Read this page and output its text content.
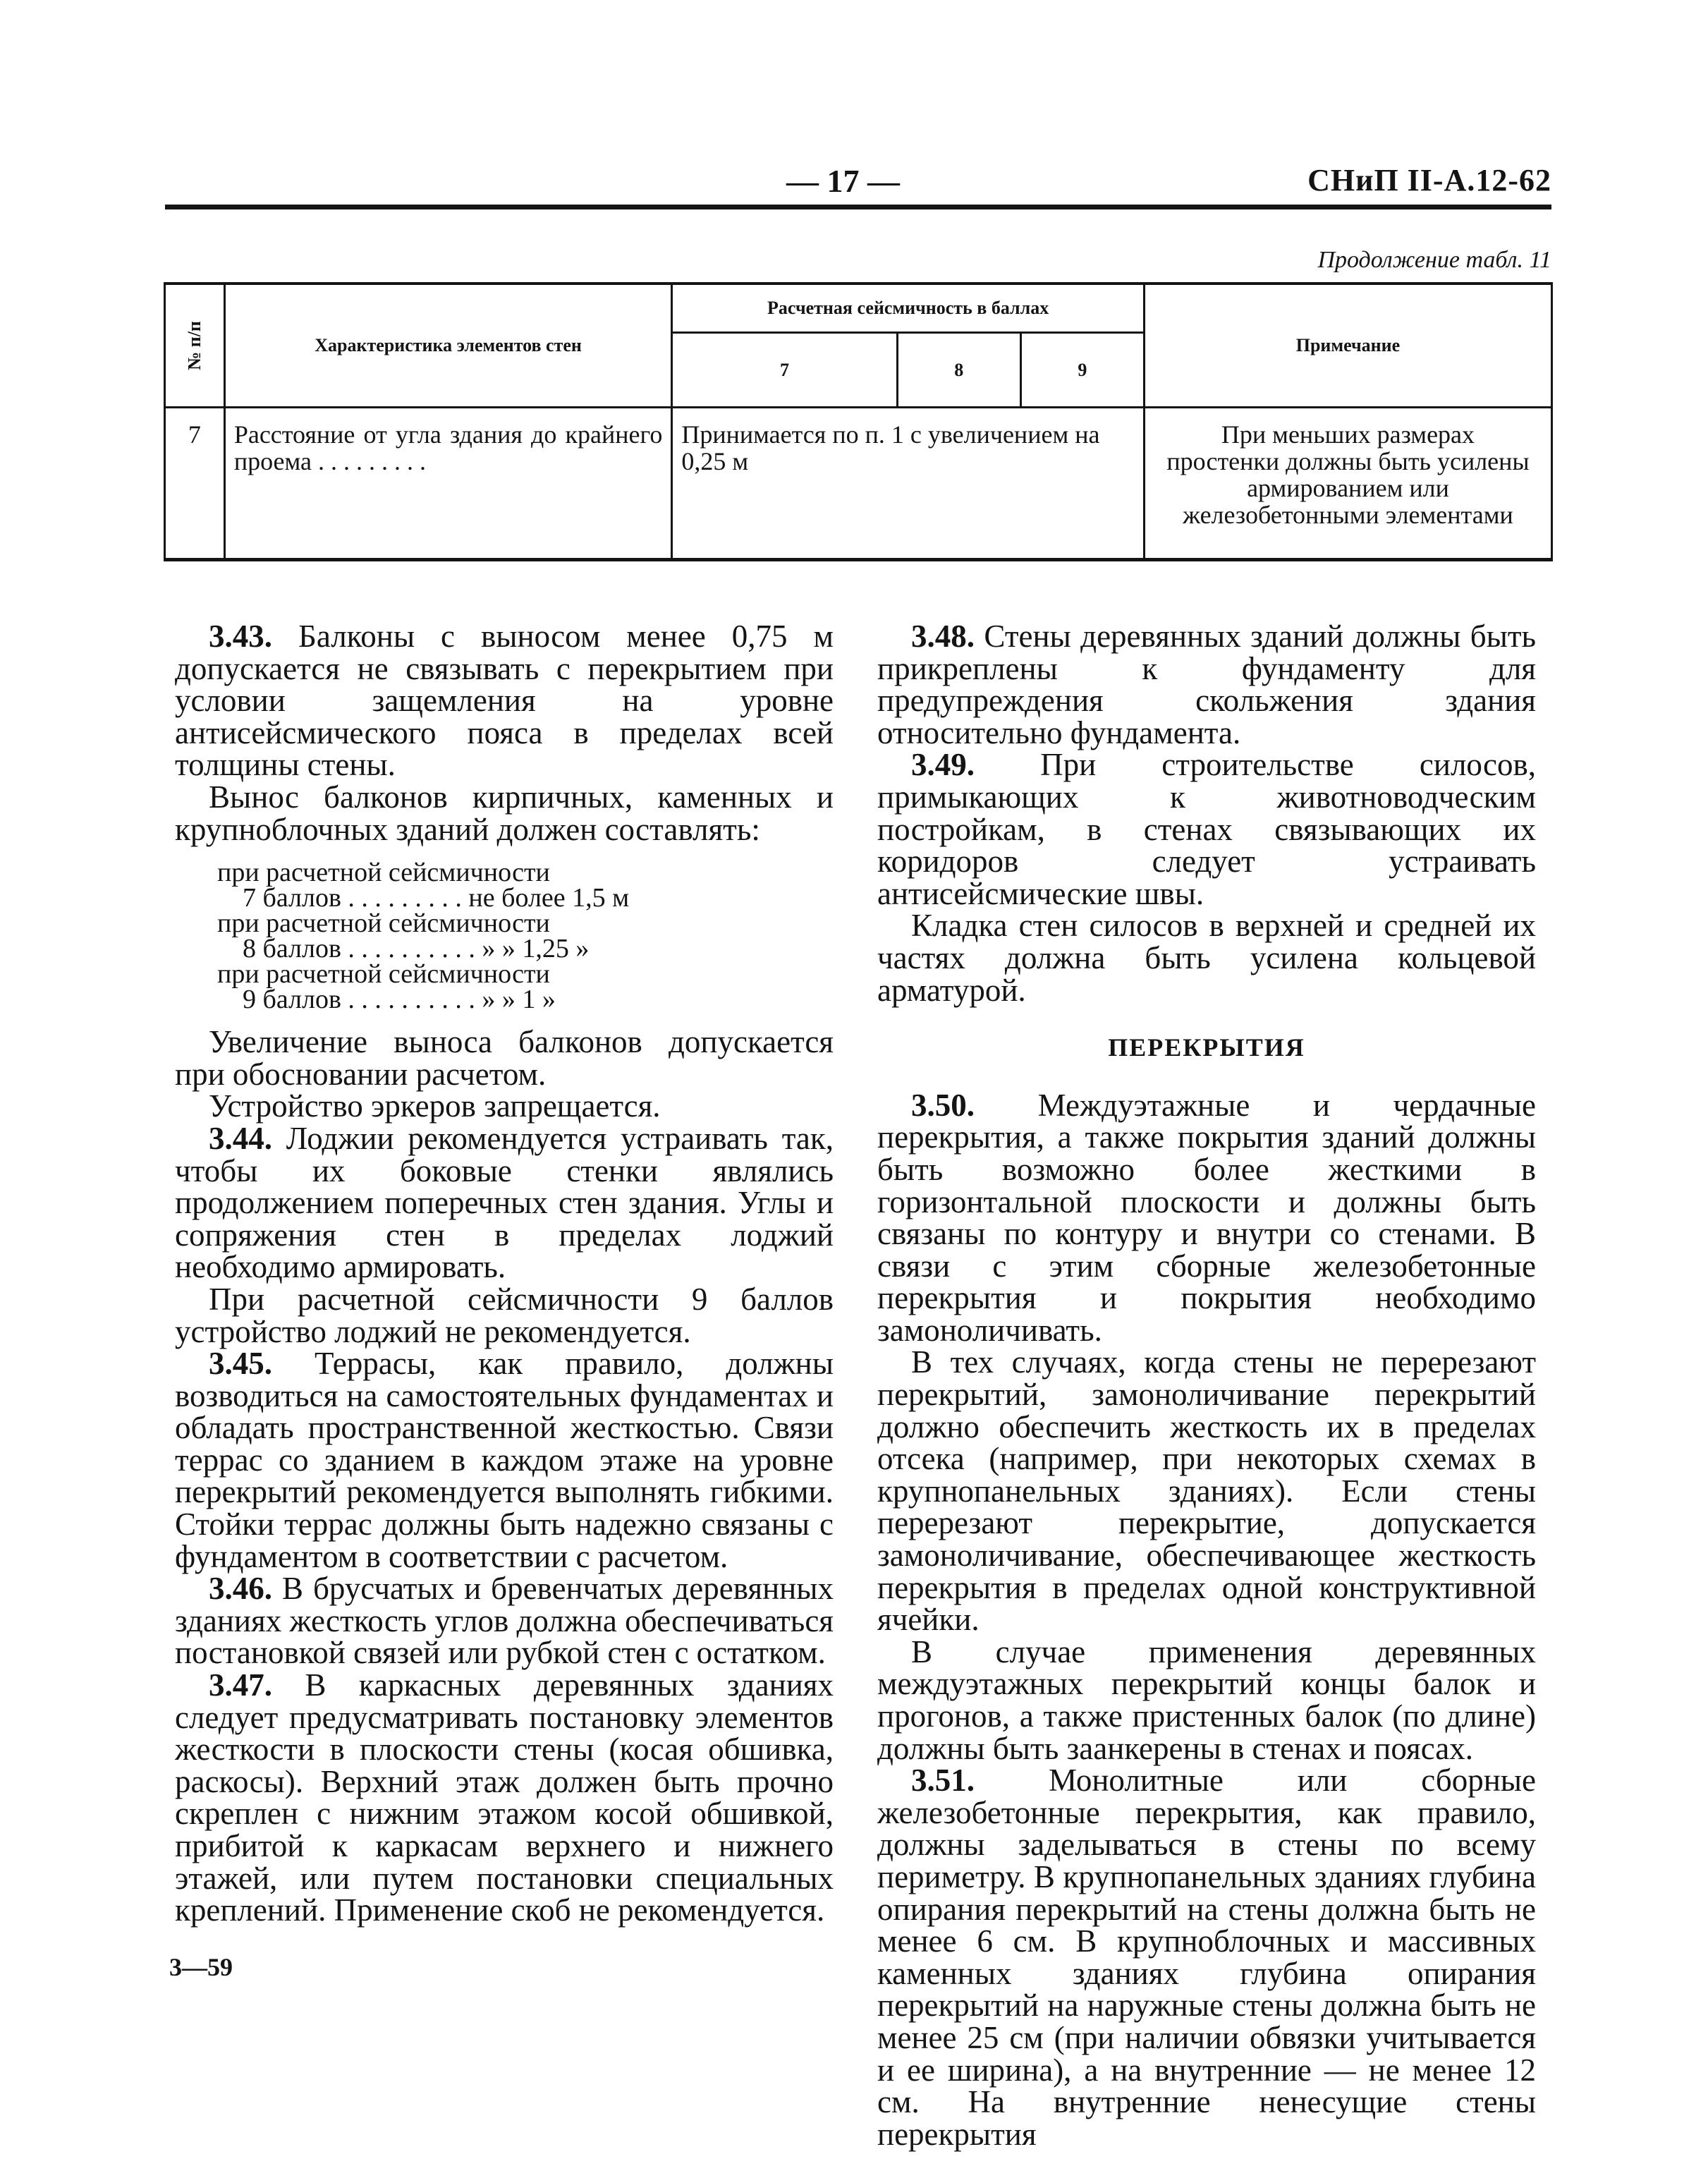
— 17 —	СНиП II-А.12-62
Продолжение табл. 11
№ п/п	Характеристика элементов стен	Расчетная сейсмичность в баллах			Примечание
		7	8	9	
7	Расстояние от угла здания до крайнего проема . . . . . . . . .	Принимается по п. 1 с увеличением на 0,25 м			При меньших размерах простенки должны быть усилены армированием или железобетонными элементами

3.43. Балконы с выносом менее 0,75 м допускается не связывать с перекрытием при условии защемления на уровне антисейсмического пояса в пределах всей толщины стены.

Вынос балконов кирпичных, каменных и крупноблочных зданий должен составлять:

при расчетной сейсмичности
7 баллов . . . . . . . . . не более 1,5 м
при расчетной сейсмичности
8 баллов . . . . . . . . . . » » 1,25 »
при расчетной сейсмичности
9 баллов . . . . . . . . . . » » 1 »

Увеличение выноса балконов допускается при обосновании расчетом.

Устройство эркеров запрещается.

3.44. Лоджии рекомендуется устраивать так, чтобы их боковые стенки являлись продолжением поперечных стен здания. Углы и сопряжения стен в пределах лоджий необходимо армировать.

При расчетной сейсмичности 9 баллов устройство лоджий не рекомендуется.

3.45. Террасы, как правило, должны возводиться на самостоятельных фундаментах и обладать пространственной жесткостью. Связи террас со зданием в каждом этаже на уровне перекрытий рекомендуется выполнять гибкими. Стойки террас должны быть надежно связаны с фундаментом в соответствии с расчетом.

3.46. В брусчатых и бревенчатых деревянных зданиях жесткость углов должна обеспечиваться постановкой связей или рубкой стен с остатком.

3.47. В каркасных деревянных зданиях следует предусматривать постановку элементов жесткости в плоскости стены (косая обшивка, раскосы). Верхний этаж должен быть прочно скреплен с нижним этажом косой обшивкой, прибитой к каркасам верхнего и нижнего этажей, или путем постановки специальных креплений. Применение скоб не рекомендуется.

3.48. Стены деревянных зданий должны быть прикреплены к фундаменту для предупреждения скольжения здания относительно фундамента.

3.49. При строительстве силосов, примыкающих к животноводческим постройкам, в стенах связывающих их коридоров следует устраивать антисейсмические швы.

Кладка стен силосов в верхней и средней их частях должна быть усилена кольцевой арматурой.

ПЕРЕКРЫТИЯ

3.50. Междуэтажные и чердачные перекрытия, а также покрытия зданий должны быть возможно более жесткими в горизонтальной плоскости и должны быть связаны по контуру и внутри со стенами. В связи с этим сборные железобетонные перекрытия и покрытия необходимо замоноличивать.

В тех случаях, когда стены не перерезают перекрытий, замоноличивание перекрытий должно обеспечить жесткость их в пределах отсека (например, при некоторых схемах в крупнопанельных зданиях). Если стены перерезают перекрытие, допускается замоноличивание, обеспечивающее жесткость перекрытия в пределах одной конструктивной ячейки.

В случае применения деревянных междуэтажных перекрытий концы балок и прогонов, а также пристенных балок (по длине) должны быть заанкерены в стенах и поясах.

3.51. Монолитные или сборные железобетонные перекрытия, как правило, должны заделываться в стены по всему периметру. В крупнопанельных зданиях глубина опирания перекрытий на стены должна быть не менее 6 см. В крупноблочных и массивных каменных зданиях глубина опирания перекрытий на наружные стены должна быть не менее 25 см (при наличии обвязки учитывается и ее ширина), а на внутренние — не менее 12 см. На внутренние ненесущие стены перекрытия

3—59
